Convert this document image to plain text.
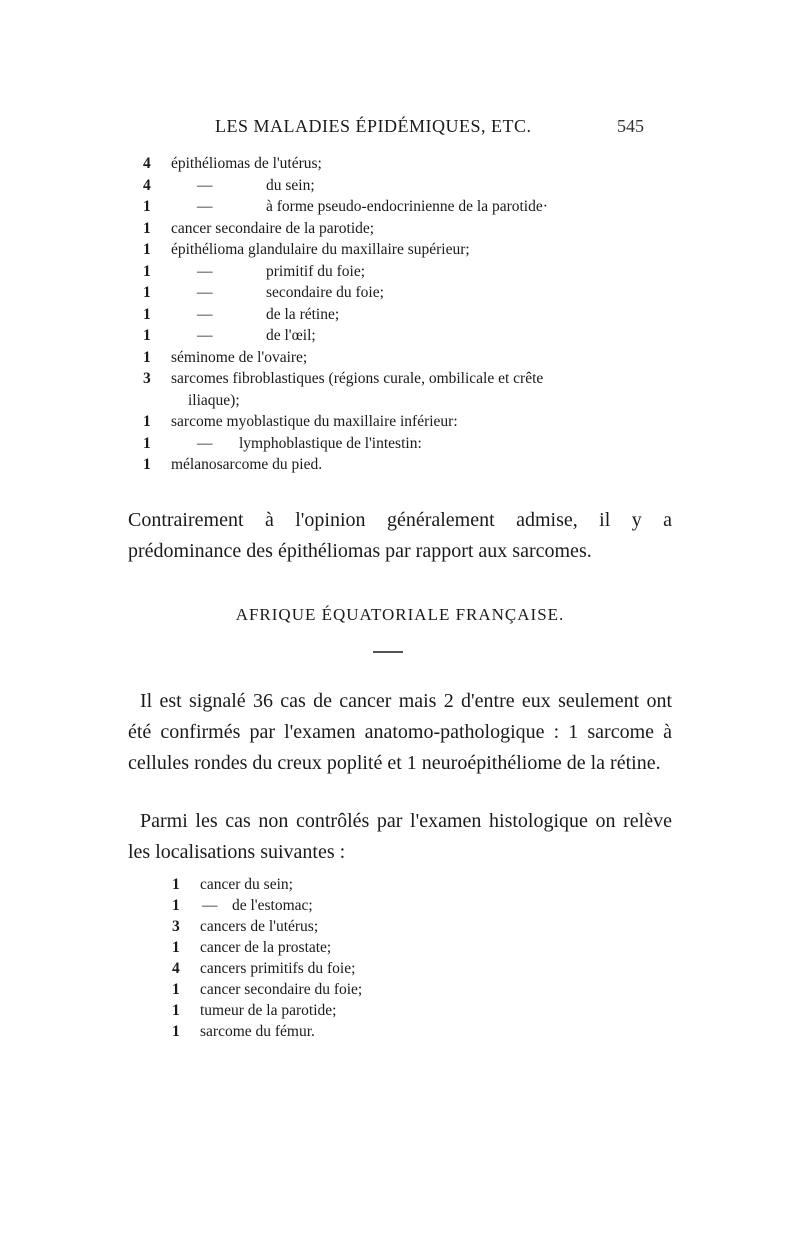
LES MALADIES ÉPIDÉMIQUES, ETC.	545
4	épithéliomas de l'utérus;
4	—	du sein;
1	—	à forme pseudo-endocrinienne de la parotide·
1	cancer secondaire de la parotide;
1	épithélioma glandulaire du maxillaire supérieur;
1	—	primitif du foie;
1	—	secondaire du foie;
1	—	de la rétine;
1	—	de l'œil;
1	séminome de l'ovaire;
3	sarcomes fibroblastiques (régions curale, ombilicale et crête
iliaque);
1	sarcome myoblastique du maxillaire inférieur:
1	— lymphoblastique de l'intestin:
1	mélanosarcome du pied.

Contrairement à l'opinion généralement admise, il y a prédominance des épithéliomas par rapport aux sarcomes.

AFRIQUE ÉQUATORIALE FRANÇAISE.

Il est signalé 36 cas de cancer mais 2 d'entre eux seulement ont été confirmés par l'examen anatomo-pathologique : 1 sarcome à cellules rondes du creux poplité et 1 neuroépithéliome de la rétine.

Parmi les cas non contrôlés par l'examen histologique on relève les localisations suivantes :

1	cancer du sein;
1	— de l'estomac;
3	cancers de l'utérus;
1	cancer de la prostate;
4	cancers primitifs du foie;
1	cancer secondaire du foie;
1	tumeur de la parotide;
1	sarcome du fémur.
